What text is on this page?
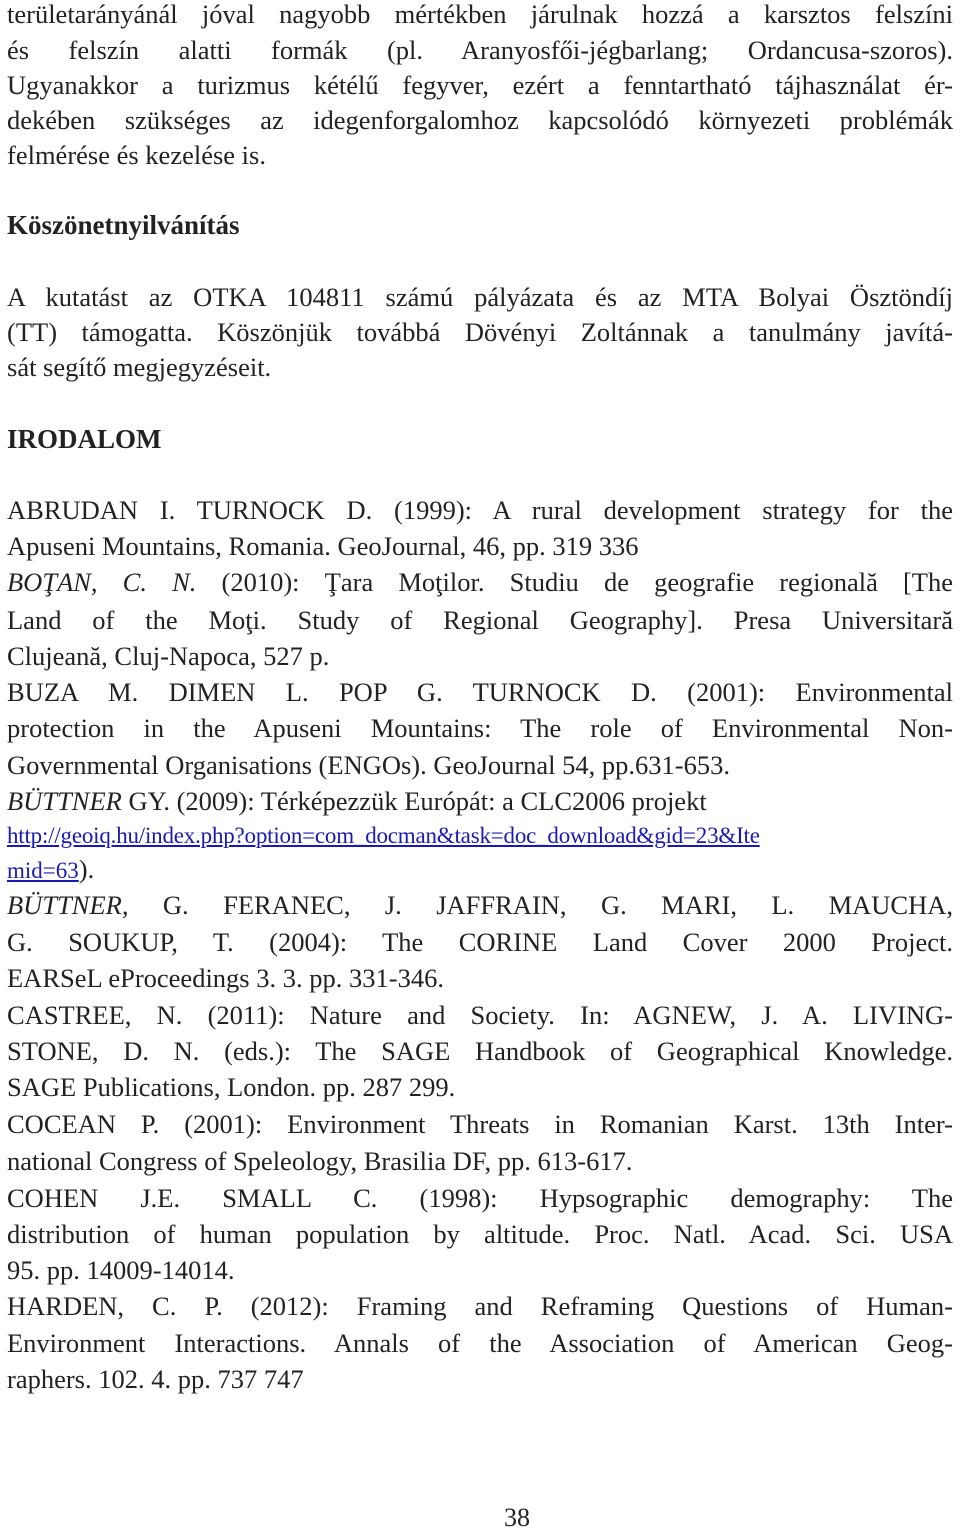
területarányánál jóval nagyobb mértékben járulnak hozzá a karsztos felszíni
és felszín alatti formák (pl. Aranyosfői-jégbarlang; Ordancusa-szoros).
Ugyanakkor a turizmus kétélű fegyver, ezért a fenntartható tájhasználat ér-
dekében szükséges az idegenforgalomhoz kapcsolódó környezeti problémák
felmérése és kezelése is.
Köszönetnyilvánítás
A kutatást az OTKA 104811 számú pályázata és az MTA Bolyai Ösztöndíj
(TT) támogatta. Köszönjük továbbá Dövényi Zoltánnak a tanulmány javítá-
sát segítő megjegyzéseit.
IRODALOM
ABRUDAN I. TURNOCK D. (1999): A rural development strategy for the
Apuseni Mountains, Romania. GeoJournal, 46, pp. 319 336
BOŢAN, C. N. (2010): Ţara Moţilor. Studiu de geografie regională [The
Land of the Moţi. Study of Regional Geography]. Presa Universitară
Clujeană, Cluj-Napoca, 527 p.
BUZA M. DIMEN L. POP G. TURNOCK D. (2001): Environmental
protection in the Apuseni Mountains: The role of Environmental Non-
Governmental Organisations (ENGOs). GeoJournal 54, pp.631-653.
BÜTTNER GY. (2009): Térképezzük Európát: a CLC2006 projekt
http://geoiq.hu/index.php?option=com_docman&task=doc_download&gid=23&Ite
mid=63).
BÜTTNER, G. FERANEC, J. JAFFRAIN, G. MARI, L. MAUCHA,
G. SOUKUP, T. (2004): The CORINE Land Cover 2000 Project.
EARSeL eProceedings 3. 3. pp. 331-346.
CASTREE, N. (2011): Nature and Society. In: AGNEW, J. A. LIVING-
STONE, D. N. (eds.): The SAGE Handbook of Geographical Knowledge.
SAGE Publications, London. pp. 287 299.
COCEAN P. (2001): Environment Threats in Romanian Karst. 13th Inter-
national Congress of Speleology, Brasilia DF, pp. 613-617.
COHEN J.E. SMALL C. (1998): Hypsographic demography: The
distribution of human population by altitude. Proc. Natl. Acad. Sci. USA
95. pp. 14009-14014.
HARDEN, C. P. (2012): Framing and Reframing Questions of Human-
Environment Interactions. Annals of the Association of American Geog-
raphers. 102. 4. pp. 737 747
38
